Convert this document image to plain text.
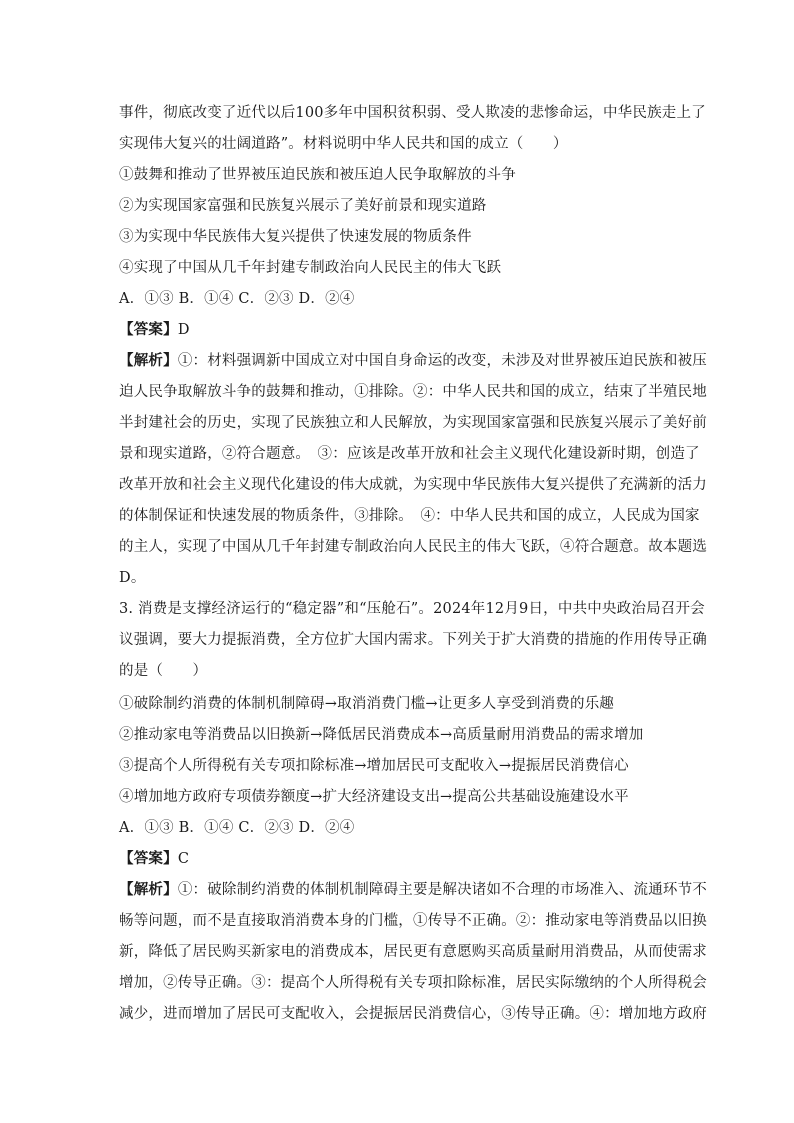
事件，彻底改变了近代以后100多年中国积贫积弱、受人欺凌的悲惨命运，中华民族走上了
实现伟大复兴的壮阔道路”。材料说明中华人民共和国的成立（　　）
①鼓舞和推动了世界被压迫民族和被压迫人民争取解放的斗争
②为实现国家富强和民族复兴展示了美好前景和现实道路
③为实现中华民族伟大复兴提供了快速发展的物质条件
④实现了中国从几千年封建专制政治向人民民主的伟大飞跃
A．①③ B．①④ C．②③ D．②④
【答案】D
【解析】①：材料强调新中国成立对中国自身命运的改变，未涉及对世界被压迫民族和被压
迫人民争取解放斗争的鼓舞和推动，①排除。②：中华人民共和国的成立，结束了半殖民地
半封建社会的历史，实现了民族独立和人民解放，为实现国家富强和民族复兴展示了美好前
景和现实道路，②符合题意。　③：应该是改革开放和社会主义现代化建设新时期，创造了
改革开放和社会主义现代化建设的伟大成就，为实现中华民族伟大复兴提供了充满新的活力
的体制保证和快速发展的物质条件，③排除。　④：中华人民共和国的成立，人民成为国家
的主人，实现了中国从几千年封建专制政治向人民民主的伟大飞跃，④符合题意。故本题选
D。
3. 消费是支撑经济运行的“稳定器”和“压舱石”。2024年12月9日，中共中央政治局召开会
议强调，要大力提振消费，全方位扩大国内需求。下列关于扩大消费的措施的作用传导正确
的是（　　）
①破除制约消费的体制机制障碍→取消消费门槛→让更多人享受到消费的乐趣
②推动家电等消费品以旧换新→降低居民消费成本→高质量耐用消费品的需求增加
③提高个人所得税有关专项扣除标准→增加居民可支配收入→提振居民消费信心
④增加地方政府专项债券额度→扩大经济建设支出→提高公共基础设施建设水平
A．①③ B．①④ C．②③ D．②④
【答案】C
【解析】①：破除制约消费的体制机制障碍主要是解决诸如不合理的市场准入、流通环节不
畅等问题，而不是直接取消消费本身的门槛，①传导不正确。②：推动家电等消费品以旧换
新，降低了居民购买新家电的消费成本，居民更有意愿购买高质量耐用消费品，从而使需求
增加，②传导正确。③：提高个人所得税有关专项扣除标准，居民实际缴纳的个人所得税会
减少，进而增加了居民可支配收入，会提振居民消费信心，③传导正确。④：增加地方政府
